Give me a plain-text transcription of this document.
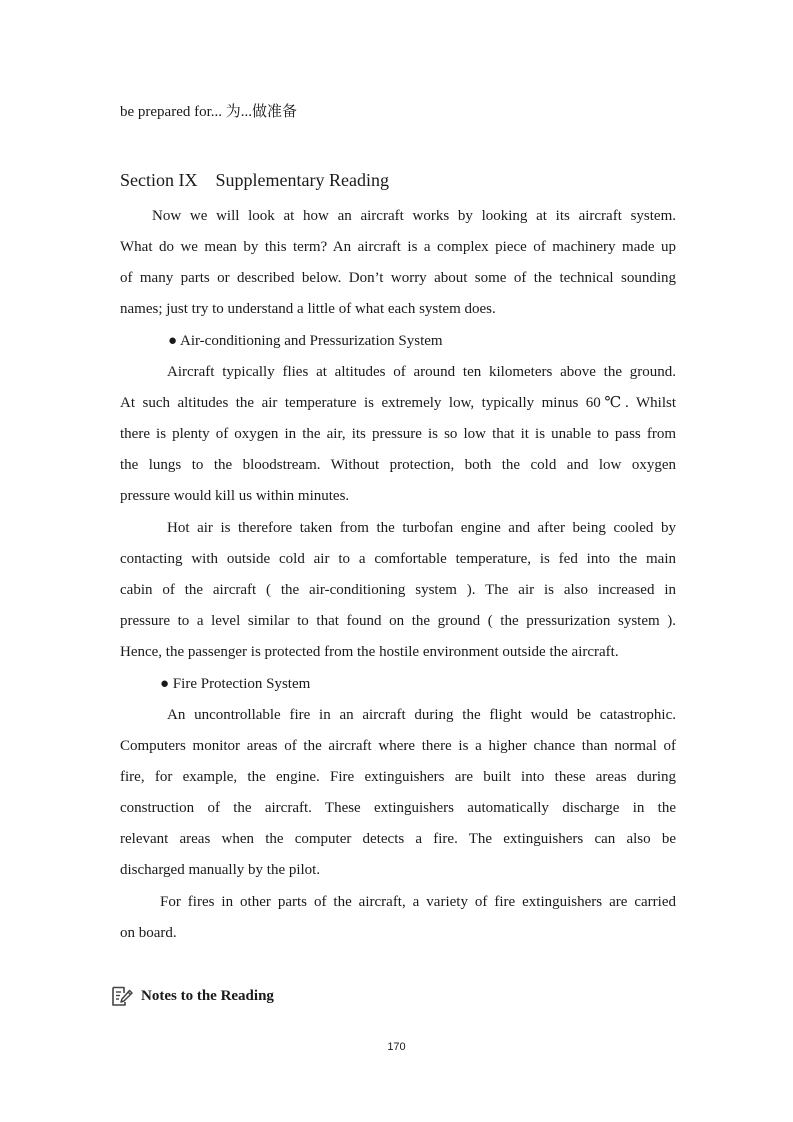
be prepared for... 为...做准备
Section IX Supplementary Reading
Now we will look at how an aircraft works by looking at its aircraft system.
What do we mean by this term? An aircraft is a complex piece of machinery made up
of many parts or described below. Don’t worry about some of the technical sounding
names; just try to understand a little of what each system does.
● Air-conditioning and Pressurization System
Aircraft typically flies at altitudes of around ten kilometers above the ground.
At such altitudes the air temperature is extremely low, typically minus 60℃. Whilst
there is plenty of oxygen in the air, its pressure is so low that it is unable to pass from
the lungs to the bloodstream. Without protection, both the cold and low oxygen
pressure would kill us within minutes.
Hot air is therefore taken from the turbofan engine and after being cooled by
contacting with outside cold air to a comfortable temperature, is fed into the main
cabin of the aircraft ( the air-conditioning system ). The air is also increased in
pressure to a level similar to that found on the ground ( the pressurization system ).
Hence, the passenger is protected from the hostile environment outside the aircraft.
● Fire Protection System
An uncontrollable fire in an aircraft during the flight would be catastrophic.
Computers monitor areas of the aircraft where there is a higher chance than normal of
fire, for example, the engine. Fire extinguishers are built into these areas during
construction of the aircraft. These extinguishers automatically discharge in the
relevant areas when the computer detects a fire. The extinguishers can also be
discharged manually by the pilot.
For fires in other parts of the aircraft, a variety of fire extinguishers are carried
on board.
Notes to the Reading
170
